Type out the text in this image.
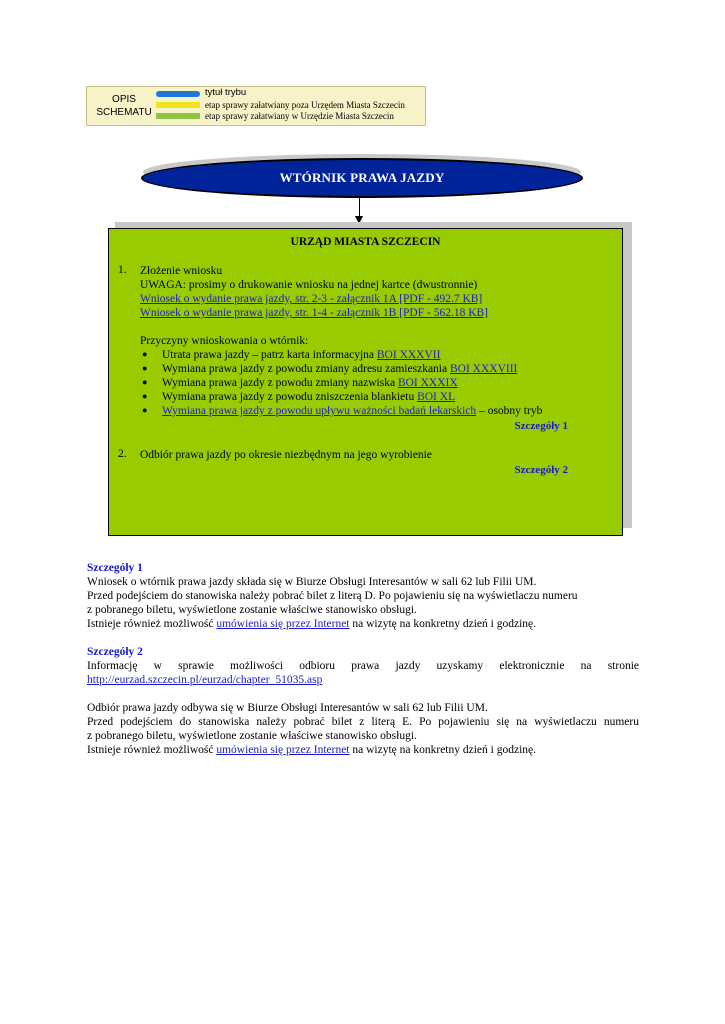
OPIS
SCHEMATU
tytuł trybu
etap sprawy załatwiany poza Urzędem Miasta Szczecin
etap sprawy załatwiany w Urzędzie Miasta Szczecin
WTÓRNIK PRAWA JAZDY
URZĄD MIASTA SZCZECIN
1. Złożenie wniosku
UWAGA: prosimy o drukowanie wniosku na jednej kartce (dwustronnie)
Wniosek o wydanie prawa jazdy, str. 2-3 - załącznik 1A [PDF - 492.7 KB]
Wniosek o wydanie prawa jazdy, str. 1-4 - załącznik 1B [PDF - 562.18 KB]
Przyczyny wnioskowania o wtórnik:
● Utrata prawa jazdy – patrz karta informacyjna BOI XXXVII
● Wymiana prawa jazdy z powodu zmiany adresu zamieszkania BOI XXXVIII
● Wymiana prawa jazdy z powodu zmiany nazwiska BOI XXXIX
● Wymiana prawa jazdy z powodu zniszczenia blankietu BOI XL
● Wymiana prawa jazdy z powodu upływu ważności badań lekarskich – osobny tryb
Szczegóły 1
2. Odbiór prawa jazdy po okresie niezbędnym na jego wyrobienie
Szczegóły 2
Szczegóły 1
Wniosek o wtórnik prawa jazdy składa się w Biurze Obsługi Interesantów w sali 62 lub Filii UM.
Przed podejściem do stanowiska należy pobrać bilet z literą D. Po pojawieniu się na wyświetlaczu numeru
z pobranego biletu, wyświetlone zostanie właściwe stanowisko obsługi.
Istnieje również możliwość umówienia się przez Internet na wizytę na konkretny dzień i godzinę.
Szczegóły 2
Informację w sprawie możliwości odbioru prawa jazdy uzyskamy elektronicznie na stronie
http://eurzad.szczecin.pl/eurzad/chapter_51035.asp
Odbiór prawa jazdy odbywa się w Biurze Obsługi Interesantów w sali 62 lub Filii UM.
Przed podejściem do stanowiska należy pobrać bilet z literą E. Po pojawieniu się na wyświetlaczu numeru
z pobranego biletu, wyświetlone zostanie właściwe stanowisko obsługi.
Istnieje również możliwość umówienia się przez Internet na wizytę na konkretny dzień i godzinę.
